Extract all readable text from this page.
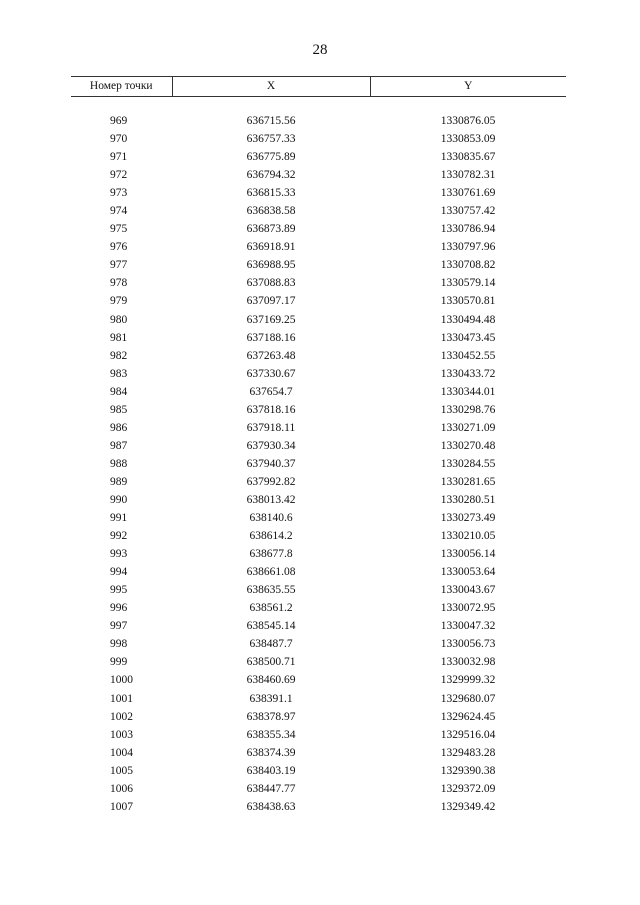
28
Номер точки	X	Y

969	636715.56	1330876.05
970	636757.33	1330853.09
971	636775.89	1330835.67
972	636794.32	1330782.31
973	636815.33	1330761.69
974	636838.58	1330757.42
975	636873.89	1330786.94
976	636918.91	1330797.96
977	636988.95	1330708.82
978	637088.83	1330579.14
979	637097.17	1330570.81
980	637169.25	1330494.48
981	637188.16	1330473.45
982	637263.48	1330452.55
983	637330.67	1330433.72
984	637654.7	1330344.01
985	637818.16	1330298.76
986	637918.11	1330271.09
987	637930.34	1330270.48
988	637940.37	1330284.55
989	637992.82	1330281.65
990	638013.42	1330280.51
991	638140.6	1330273.49
992	638614.2	1330210.05
993	638677.8	1330056.14
994	638661.08	1330053.64
995	638635.55	1330043.67
996	638561.2	1330072.95
997	638545.14	1330047.32
998	638487.7	1330056.73
999	638500.71	1330032.98
1000	638460.69	1329999.32
1001	638391.1	1329680.07
1002	638378.97	1329624.45
1003	638355.34	1329516.04
1004	638374.39	1329483.28
1005	638403.19	1329390.38
1006	638447.77	1329372.09
1007	638438.63	1329349.42
